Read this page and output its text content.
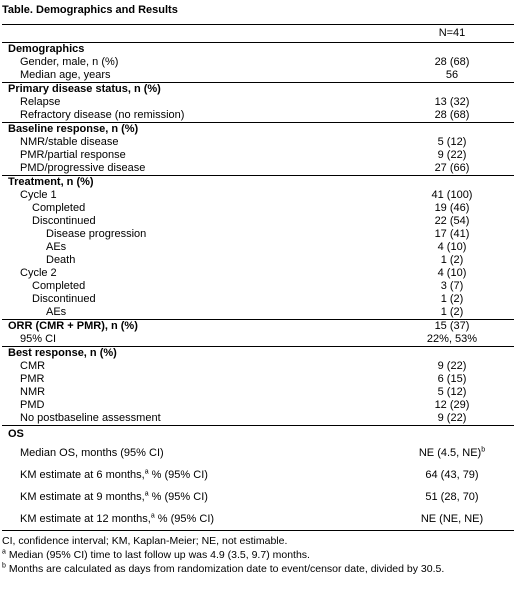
Table. Demographics and Results
	N=41
Demographics	
Gender, male, n (%)	28 (68)
Median age, years	56
Primary disease status, n (%)	
Relapse	13 (32)
Refractory disease (no remission)	28 (68)
Baseline response, n (%)	
NMR/stable disease	5 (12)
PMR/partial response	9 (22)
PMD/progressive disease	27 (66)
Treatment, n (%)	
Cycle 1	41 (100)
Completed	19 (46)
Discontinued	22 (54)
Disease progression	17 (41)
AEs	4 (10)
Death	1 (2)
Cycle 2	4 (10)
Completed	3 (7)
Discontinued	1 (2)
AEs	1 (2)
ORR (CMR + PMR), n (%)	15 (37)
95% CI	22%, 53%
Best response, n (%)	
CMR	9 (22)
PMR	6 (15)
NMR	5 (12)
PMD	12 (29)
No postbaseline assessment	9 (22)
OS	
Median OS, months (95% CI)	NE (4.5, NE)$^b$
KM estimate at 6 months,$^a$ % (95% CI)	64 (43, 79)
KM estimate at 9 months,$^a$ % (95% CI)	51 (28, 70)
KM estimate at 12 months,$^a$ % (95% CI)	NE (NE, NE)
CI, confidence interval; KM, Kaplan-Meier; NE, not estimable.
$^a$ Median (95% CI) time to last follow up was 4.9 (3.5, 9.7) months.
$^b$ Months are calculated as days from randomization date to event/censor date, divided by 30.5.
